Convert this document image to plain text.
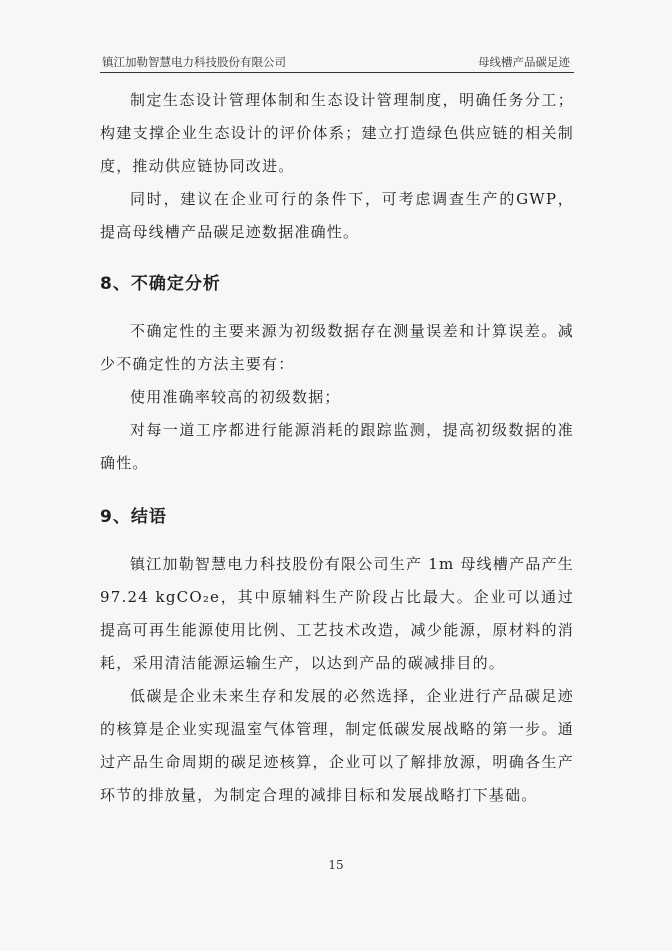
镇江加勒智慧电力科技股份有限公司	母线槽产品碳足迹

制定生态设计管理体制和生态设计管理制度，明确任务分工；构建支撑企业生态设计的评价体系；建立打造绿色供应链的相关制度，推动供应链协同改进。

同时，建议在企业可行的条件下，可考虑调查生产的GWP，提高母线槽产品碳足迹数据准确性。

8、不确定分析

不确定性的主要来源为初级数据存在测量误差和计算误差。减少不确定性的方法主要有：

使用准确率较高的初级数据；

对每一道工序都进行能源消耗的跟踪监测，提高初级数据的准确性。

9、结语

镇江加勒智慧电力科技股份有限公司生产 1m 母线槽产品产生 97.24 kgCO₂e，其中原辅料生产阶段占比最大。企业可以通过提高可再生能源使用比例、工艺技术改造，减少能源，原材料的消耗，采用清洁能源运输生产，以达到产品的碳减排目的。

低碳是企业未来生存和发展的必然选择，企业进行产品碳足迹的核算是企业实现温室气体管理，制定低碳发展战略的第一步。通过产品生命周期的碳足迹核算，企业可以了解排放源，明确各生产环节的排放量，为制定合理的减排目标和发展战略打下基础。

15
